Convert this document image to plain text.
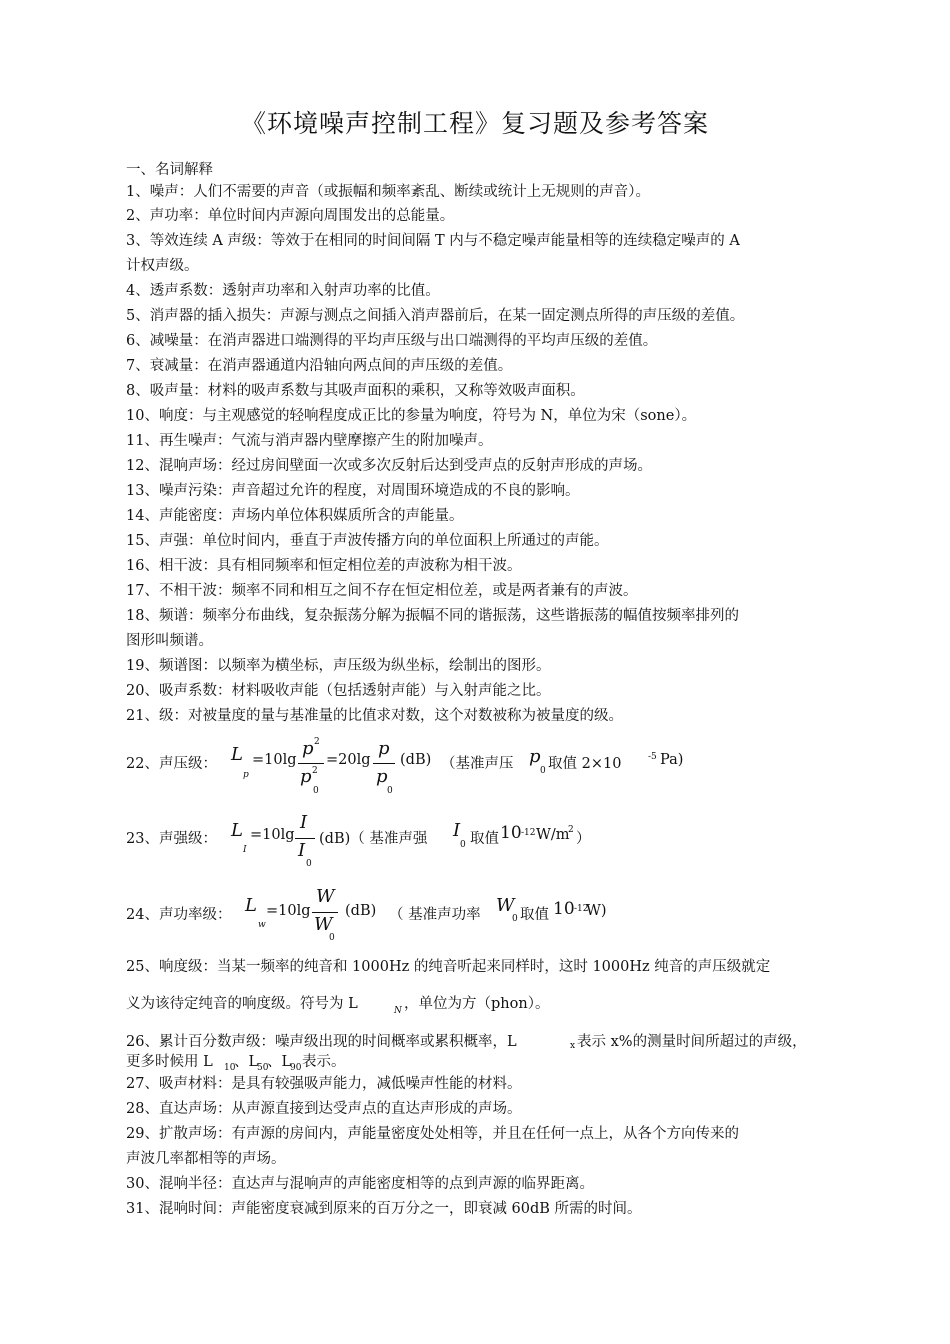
《环境噪声控制工程》复习题及参考答案
一、名词解释
1、噪声：人们不需要的声音（或振幅和频率紊乱、断续或统计上无规则的声音）。
2、声功率：单位时间内声源向周围发出的总能量。
3、等效连续 A 声级：等效于在相同的时间间隔 T 内与不稳定噪声能量相等的连续稳定噪声的 A
计权声级。
4、透声系数：透射声功率和入射声功率的比值。
5、消声器的插入损失：声源与测点之间插入消声器前后，在某一固定测点所得的声压级的差值。
6、减噪量：在消声器进口端测得的平均声压级与出口端测得的平均声压级的差值。
7、衰减量：在消声器通道内沿轴向两点间的声压级的差值。
8、吸声量：材料的吸声系数与其吸声面积的乘积，又称等效吸声面积。
10、响度：与主观感觉的轻响程度成正比的参量为响度，符号为 N，单位为宋（sone）。
11、再生噪声：气流与消声器内壁摩擦产生的附加噪声。
12、混响声场：经过房间壁面一次或多次反射后达到受声点的反射声形成的声场。
13、噪声污染：声音超过允许的程度，对周围环境造成的不良的影响。
14、声能密度：声场内单位体积媒质所含的声能量。
15、声强：单位时间内，垂直于声波传播方向的单位面积上所通过的声能。
16、相干波：具有相同频率和恒定相位差的声波称为相干波。
17、不相干波：频率不同和相互之间不存在恒定相位差，或是两者兼有的声波。
18、频谱：频率分布曲线，复杂振荡分解为振幅不同的谐振荡，这些谐振荡的幅值按频率排列的
图形叫频谱。
19、频谱图：以频率为横坐标，声压级为纵坐标，绘制出的图形。
20、吸声系数：材料吸收声能（包括透射声能）与入射声能之比。
21、级：对被量度的量与基准量的比值求对数，这个对数被称为被量度的级。
22、声压级： L
p
=10lg
p 2
p 2
0
=20lg
p
p
0
(dB) （基准声压 p
0 取值 2×10	-5 Pa)
23、声强级： L
I
=10lg
I
I
0
(dB)（ 基准声强 I
0 取值 10 -12 W/m
2
）
24、声功率级： L
w
=10lg
W
W
0
(dB) （ 基准声功率 W
0 取值 10 -12
W)
25、响度级：当某一频率的纯音和 1000Hz 的纯音听起来同样时，这时 1000Hz 纯音的声压级就定
义为该待定纯音的响度级。符号为 L	N ，单位为方（phon）。
26、累计百分数声级：噪声级出现的时间概率或累积概率，L	x 表示 x%的测量时间所超过的声级，
更多时候用 L 10
、L
50
、L
90 表示。
27、吸声材料：是具有较强吸声能力，减低噪声性能的材料。
28、直达声场：从声源直接到达受声点的直达声形成的声场。
29、扩散声场：有声源的房间内，声能量密度处处相等，并且在任何一点上，从各个方向传来的
声波几率都相等的声场。
30、混响半径：直达声与混响声的声能密度相等的点到声源的临界距离。
31、混响时间：声能密度衰减到原来的百万分之一，即衰减 60dB 所需的时间。
